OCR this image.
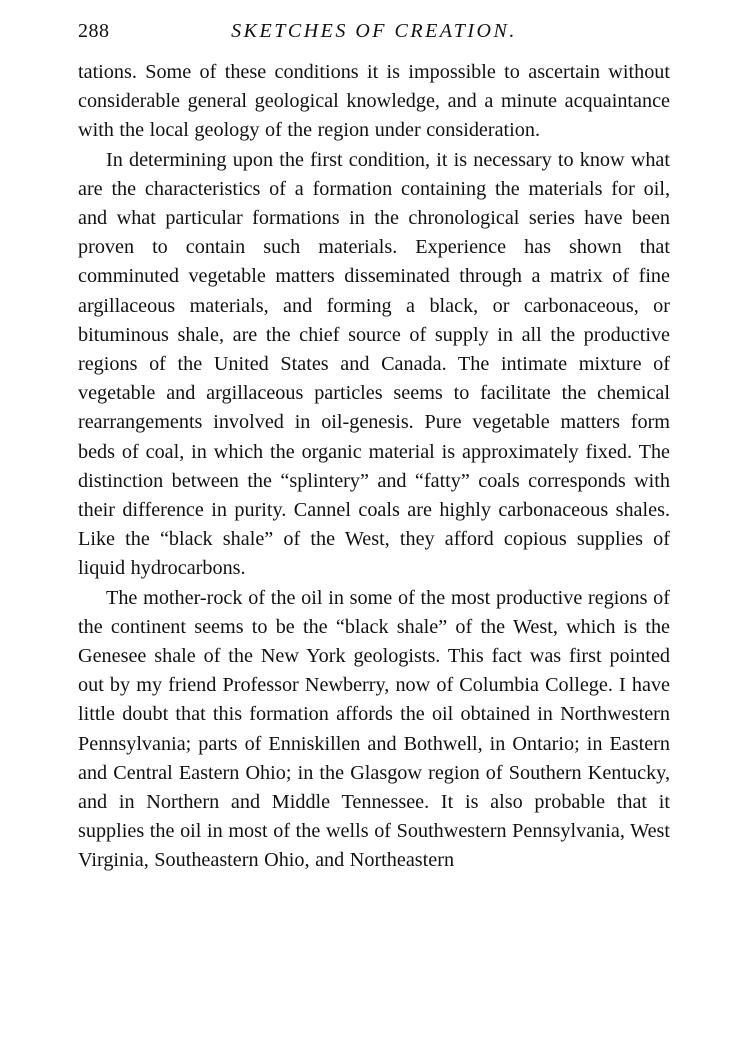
288	SKETCHES OF CREATION.

tations. Some of these conditions it is impossible to ascertain without considerable general geological knowledge, and a minute acquaintance with the local geology of the region under consideration.

In determining upon the first condition, it is necessary to know what are the characteristics of a formation containing the materials for oil, and what particular formations in the chronological series have been proven to contain such materials. Experience has shown that comminuted vegetable matters disseminated through a matrix of fine argillaceous materials, and forming a black, or carbonaceous, or bituminous shale, are the chief source of supply in all the productive regions of the United States and Canada. The intimate mixture of vegetable and argillaceous particles seems to facilitate the chemical rearrangements involved in oil-genesis. Pure vegetable matters form beds of coal, in which the organic material is approximately fixed. The distinction between the “splintery” and “fatty” coals corresponds with their difference in purity. Cannel coals are highly carbonaceous shales. Like the “black shale” of the West, they afford copious supplies of liquid hydrocarbons.

The mother-rock of the oil in some of the most productive regions of the continent seems to be the “black shale” of the West, which is the Genesee shale of the New York geologists. This fact was first pointed out by my friend Professor Newberry, now of Columbia College. I have little doubt that this formation affords the oil obtained in Northwestern Pennsylvania; parts of Enniskillen and Bothwell, in Ontario; in Eastern and Central Eastern Ohio; in the Glasgow region of Southern Kentucky, and in Northern and Middle Tennessee. It is also probable that it supplies the oil in most of the wells of Southwestern Pennsylvania, West Virginia, Southeastern Ohio, and Northeastern
